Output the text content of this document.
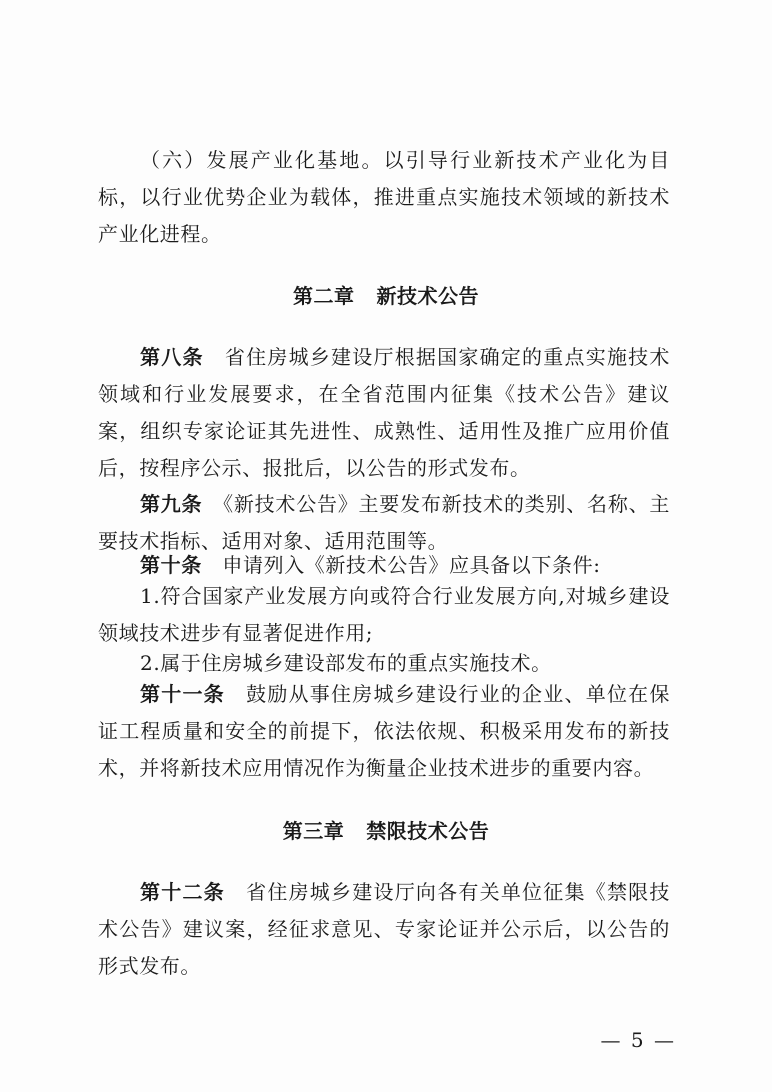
（六）发展产业化基地。以引导行业新技术产业化为目标，以行业优势企业为载体，推进重点实施技术领域的新技术产业化进程。

第二章 新技术公告

第八条　省住房城乡建设厅根据国家确定的重点实施技术领域和行业发展要求，在全省范围内征集《技术公告》建议案，组织专家论证其先进性、成熟性、适用性及推广应用价值后，按程序公示、报批后，以公告的形式发布。

第九条　《新技术公告》主要发布新技术的类别、名称、主要技术指标、适用对象、适用范围等。

第十条　申请列入《新技术公告》应具备以下条件:

1.符合国家产业发展方向或符合行业发展方向,对城乡建设领域技术进步有显著促进作用;

2.属于住房城乡建设部发布的重点实施技术。

第十一条　鼓励从事住房城乡建设行业的企业、单位在保证工程质量和安全的前提下，依法依规、积极采用发布的新技术，并将新技术应用情况作为衡量企业技术进步的重要内容。

第三章 禁限技术公告

第十二条　省住房城乡建设厅向各有关单位征集《禁限技术公告》建议案，经征求意见、专家论证并公示后，以公告的形式发布。

— 5 —
